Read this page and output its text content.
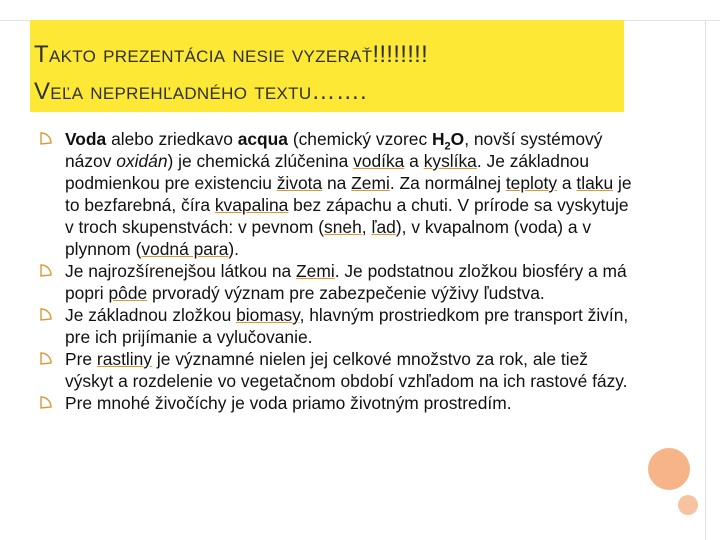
Takto prezentácia nesie vyzerať!!!!!!!!
Veľa neprehľadného textu…….
Voda alebo zriedkavo acqua (chemický vzorec $H_2O$, novší systémový názov oxidán) je chemická zlúčenina vodíka a kyslíka. Je základnou podmienkou pre existenciu života na Zemi. Za normálnej teploty a tlaku je to bezfarebná, číra kvapalina bez zápachu a chuti. V prírode sa vyskytuje v troch skupenstvách: v pevnom (sneh, ľad), v kvapalnom (voda) a v plynnom (vodná para).
Je najrozšírenejšou látkou na Zemi. Je podstatnou zložkou biosféry a má popri pôde prvoradý význam pre zabezpečenie výživy ľudstva.
Je základnou zložkou biomasy, hlavným prostriedkom pre transport živín, pre ich prijímanie a vylučovanie.
Pre rastliny je významné nielen jej celkové množstvo za rok, ale tiež výskyt a rozdelenie vo vegetačnom období vzhľadom na ich rastové fázy.
Pre mnohé živočíchy je voda priamo životným prostredím.
